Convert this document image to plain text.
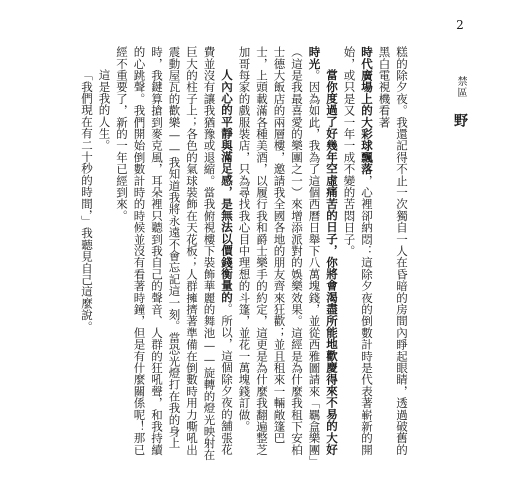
2 　 禁區 野

糕的除夕夜。我還記得不止一次獨自一人在昏暗的房間內睜起眼睛，透過破舊的黑白電視機看著

時代廣場上的大彩球飄落，心裡卻納悶：這除夕夜的倒數計時是代表著嶄新的開始，或只是又一年一成不變的苦悶日子。

當你度過了好幾年空虛痛苦的日子，你將會渴盡所能地歡慶得來不易的大好時光。因為如此，我為了這個西曆日舉下八萬塊錢，並從西雅圖請來「羈盒樂團」（這是我最喜愛的樂團之一）來增添派對的娛樂效果。這經是為什麼我租下安柏士德大飯店的兩層樓，邀請我全國各地的朋友齊來狂歡；並且租來一輛敞篷巴士，上頭載滿各種美酒，以履行我和爵士樂手的約定，這更是為什麼我翻遍整芝加哥每家的戲服裝店，只為尋找我心目中理想的斗篷，並花一萬塊錢訂做。

人內心的平靜與滿足感，是無法以價錢衡量的。所以，這個除夕夜的舖張花費並沒有讓我猶豫或退縮。當我俯視樓下裝飾華麗的舞池——旋轉的燈光映射在巨大的柱子上；各色的氣球裝飾在天花板；人群擁擠著準備在倒數時用力嘶吼出震動屋瓦的歡樂——我知道我將永遠不會忘記這一刻。當恐光燈打在我的身上時，我鍵算搶到麥克風，耳朵裡只聽到我自己的聲音、人群的狂吼聲，和我持續的心跳聲。我們開始倒數計時的時候並沒有看著時鐘，但是有什麼關係呢！那已經不重要了，新的一年已經到來。

這是我的人生。

「我們現在有二十秒的時間，」我聽見自己這麼說。
